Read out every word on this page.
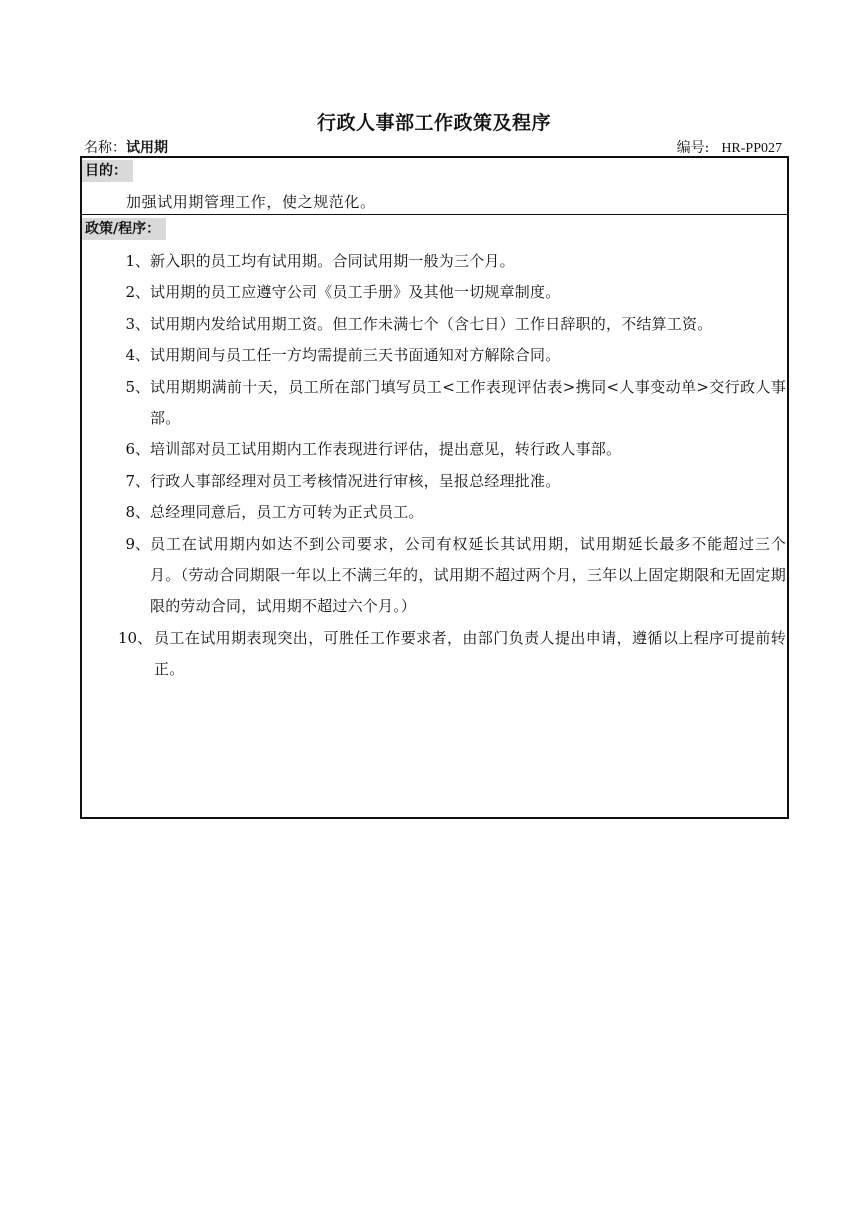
行政人事部工作政策及程序
名称：试用期	编号: HR-PP027
目的：
加强试用期管理工作，使之规范化。
政策/程序：
1、 新入职的员工均有试用期。合同试用期一般为三个月。
2、 试用期的员工应遵守公司《员工手册》及其他一切规章制度。
3、 试用期内发给试用期工资。但工作未满七个（含七日）工作日辞职的，不结算工资。
4、 试用期间与员工任一方均需提前三天书面通知对方解除合同。
5、 试用期期满前十天，员工所在部门填写员工<工作表现评估表>携同<人事变动单>交行政人事部。
6、 培训部对员工试用期内工作表现进行评估，提出意见，转行政人事部。
7、 行政人事部经理对员工考核情况进行审核，呈报总经理批准。
8、 总经理同意后，员工方可转为正式员工。
9、 员工在试用期内如达不到公司要求，公司有权延长其试用期，试用期延长最多不能超过三个月。（劳动合同期限一年以上不满三年的，试用期不超过两个月，三年以上固定期限和无固定期限的劳动合同，试用期不超过六个月。）
10、 员工在试用期表现突出，可胜任工作要求者，由部门负责人提出申请，遵循以上程序可提前转正。
